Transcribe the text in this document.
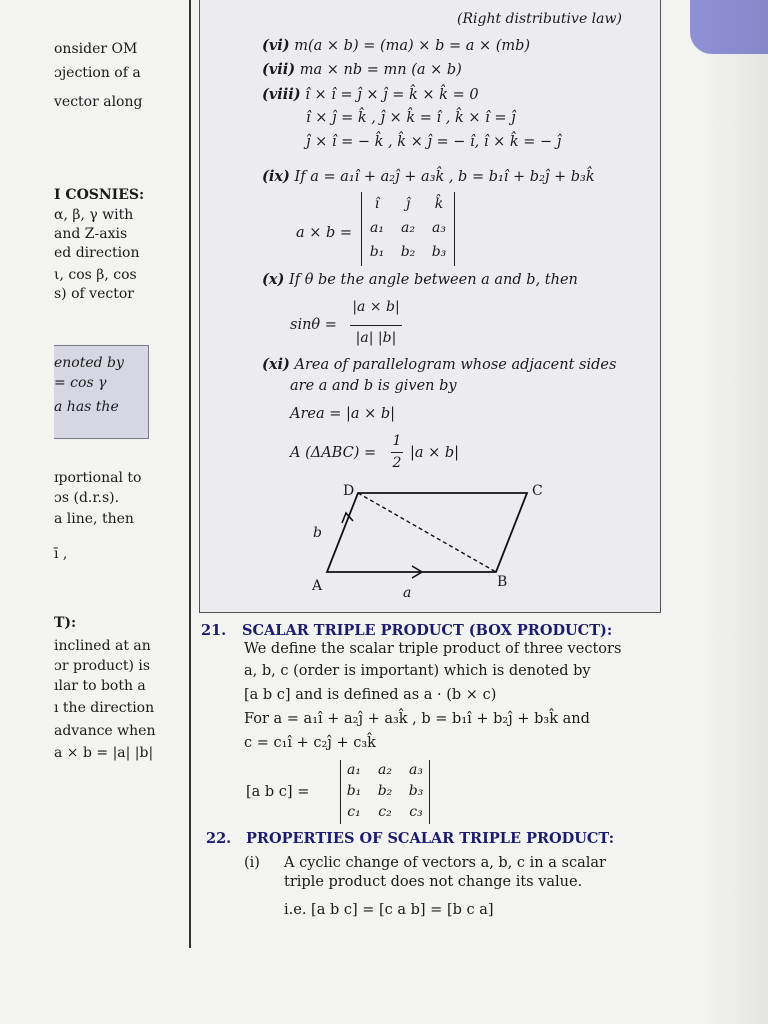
onsider OM
ɔjection of a
vector along
I COSNIES:
α, β, γ with
and Z-axis
ed direction
ι, cos β, cos
s) of vector
enoted by
= cos γ
a has the
ɪportional to
ɔs (d.r.s).
a line, then
ī ,
T):
inclined at an
ɔr product) is
ılar to both a
ı the direction
advance when
a × b = |a| |b|
(Right distributive law)
(vi) m(a × b) = (ma) × b = a × (mb)
(vii) ma × nb = mn (a × b)
(viii) î × î = ĵ × ĵ = k̂ × k̂ = 0
î × ĵ = k̂ , ĵ × k̂ = î , k̂ × î = ĵ
ĵ × î = − k̂ , k̂ × ĵ = − î, î × k̂ = − ĵ
(ix) If a = a₁î + a₂ĵ + a₃k̂ , b = b₁î + b₂ĵ + b₃k̂
a × b =
î	ĵ	k̂
a₁	a₂	a₃
b₁	b₂	b₃
(x) If θ be the angle between a and b, then
sinθ =
|a × b|
|a| |b|
(xi) Area of parallelogram whose adjacent sides
are a and b is given by
Area = |a × b|
A (ΔABC) =
1
2
|a × b|
D	C
A	B
a
b
21. SCALAR TRIPLE PRODUCT (BOX PRODUCT):
We define the scalar triple product of three vectors
a, b, c (order is important) which is denoted by
[a b c] and is defined as a · (b × c)
For a = a₁î + a₂ĵ + a₃k̂ , b = b₁î + b₂ĵ + b₃k̂ and
c = c₁î + c₂ĵ + c₃k̂
[a b c] =
a₁	a₂	a₃
b₁	b₂	b₃
c₁	c₂	c₃
22. PROPERTIES OF SCALAR TRIPLE PRODUCT:
(i) A cyclic change of vectors a, b, c in a scalar
triple product does not change its value.
i.e. [a b c] = [c a b] = [b c a]
